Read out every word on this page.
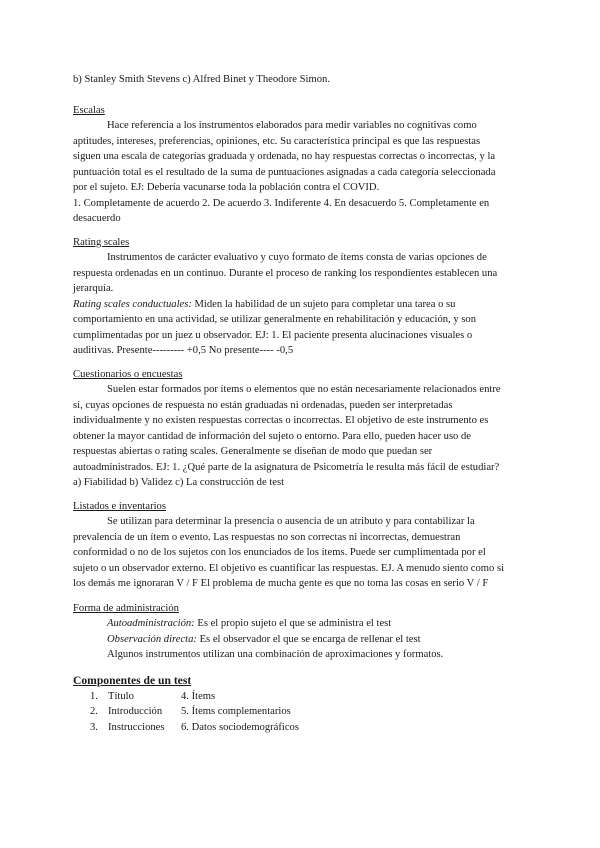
b) Stanley Smith Stevens c) Alfred Binet y Theodore Simon.
Escalas
Hace referencia a los instrumentos elaborados para medir variables no cognitivas como
aptitudes, intereses, preferencias, opiniones, etc. Su característica principal es que las respuestas
siguen una escala de categorías graduada y ordenada, no hay respuestas correctas o incorrectas, y la
puntuación total es el resultado de la suma de puntuaciones asignadas a cada categoría seleccionada
por el sujeto. EJ: Debería vacunarse toda la población contra el COVID.
1. Completamente de acuerdo 2. De acuerdo 3. Indiferente 4. En desacuerdo 5. Completamente en
desacuerdo
Rating scales
Instrumentos de carácter evaluativo y cuyo formato de ítems consta de varias opciones de
respuesta ordenadas en un continuo. Durante el proceso de ranking los respondientes establecen una
jerarquía.
Rating scales conductuales: Miden la habilidad de un sujeto para completar una tarea o su
comportamiento en una actividad, se utilizar generalmente en rehabilitación y educación, y son
cumplimentadas por un juez u observador. EJ: 1. El paciente presenta alucinaciones visuales o
auditivas. Presente--------- +0,5 No presente---- -0,5
Cuestionarios o encuestas
Suelen estar formados por ítems o elementos que no están necesariamente relacionados entre
sí, cuyas opciones de respuesta no están graduadas ni ordenadas, pueden ser interpretadas
individualmente y no existen respuestas correctas o incorrectas. El objetivo de este instrumento es
obtener la mayor cantidad de información del sujeto o entorno. Para ello, pueden hacer uso de
respuestas abiertas o rating scales. Generalmente se diseñan de modo que puedan ser
autoadministrados. EJ: 1. ¿Qué parte de la asignatura de Psicometría le resulta más fácil de estudiar?
a) Fiabilidad b) Validez c) La construcción de test
Listados e inventarios
Se utilizan para determinar la presencia o ausencia de un atributo y para contabilizar la
prevalencia de un ítem o evento. Las respuestas no son correctas ni incorrectas, demuestran
conformidad o no de los sujetos con los enunciados de los ítems. Puede ser cumplimentada por el
sujeto o un observador externo. El objetivo es cuantificar las respuestas. EJ. A menudo siento como si
los demás me ignoraran V / F El problema de mucha gente es que no toma las cosas en serio V / F
Forma de administración
Autoadministración: Es el propio sujeto el que se administra el test
Observación directa: Es el observador el que se encarga de rellenar el test
Algunos instrumentos utilizan una combinación de aproximaciones y formatos.
Componentes de un test
1. Título	4. Ítems
2. Introducción 5. Ítems complementarios
3. Instrucciones 6. Datos sociodemográficos
